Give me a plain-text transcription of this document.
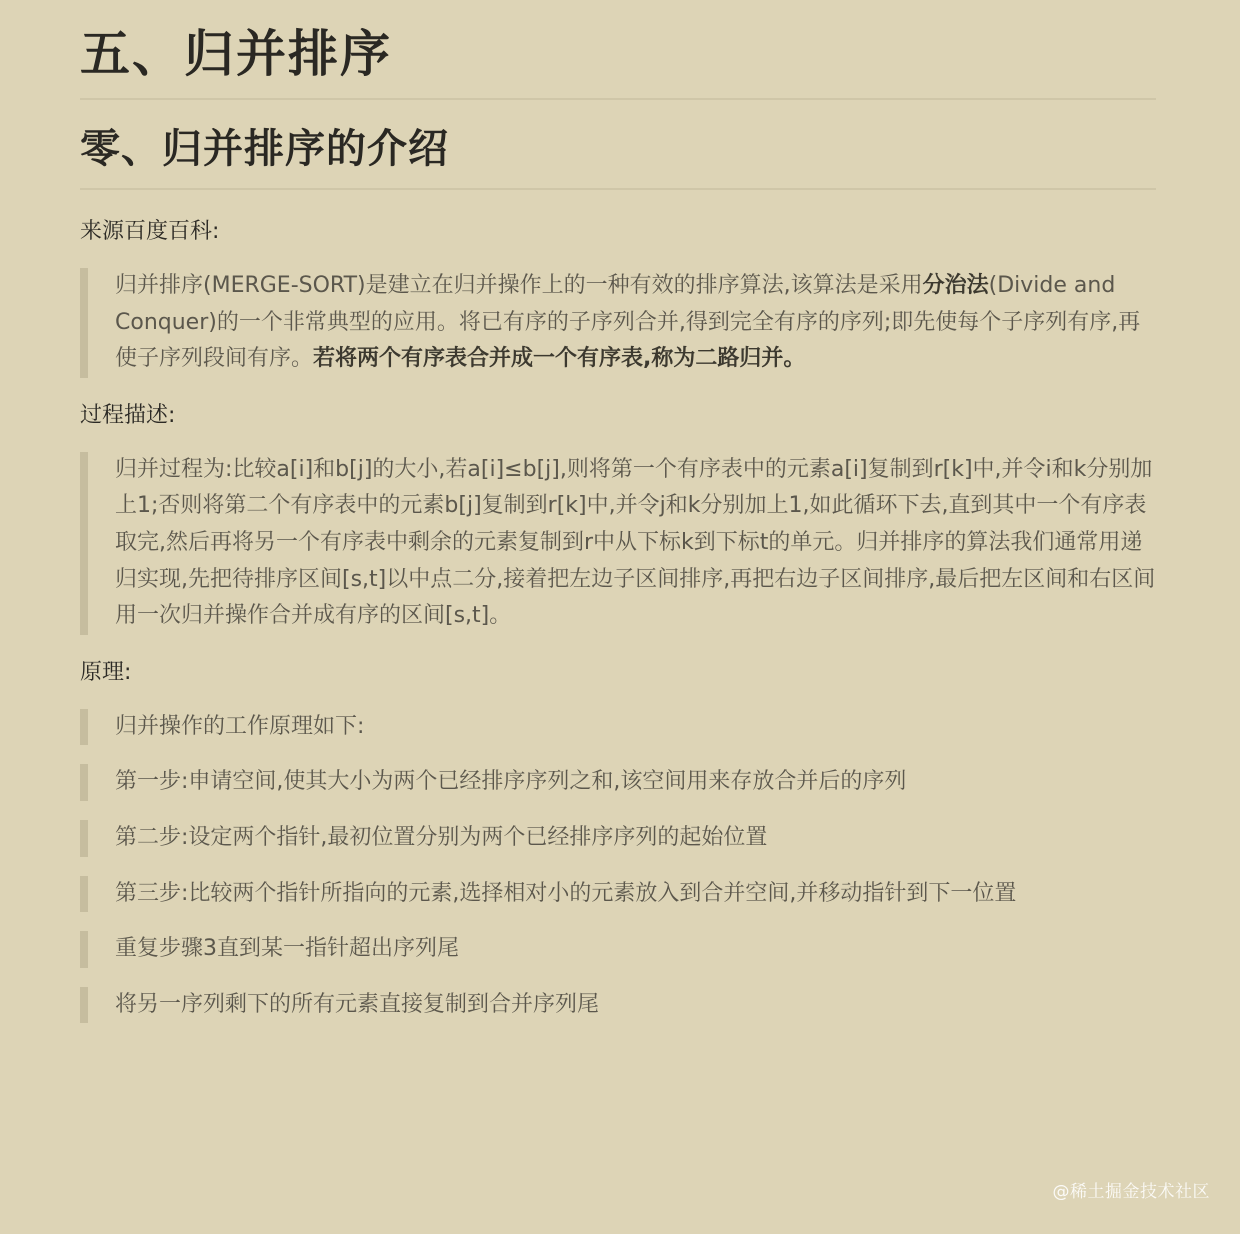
五、归并排序
零、归并排序的介绍

来源百度百科:

归并排序(MERGE-SORT)是建立在归并操作上的一种有效的排序算法,该算法是采用分治法(Divide and Conquer)的一个非常典型的应用。将已有序的子序列合并,得到完全有序的序列;即先使每个子序列有序,再使子序列段间有序。若将两个有序表合并成一个有序表,称为二路归并。

过程描述:

归并过程为:比较a[i]和b[j]的大小,若a[i]≤b[j],则将第一个有序表中的元素a[i]复制到r[k]中,并令i和k分别加上1;否则将第二个有序表中的元素b[j]复制到r[k]中,并令j和k分别加上1,如此循环下去,直到其中一个有序表取完,然后再将另一个有序表中剩余的元素复制到r中从下标k到下标t的单元。归并排序的算法我们通常用递归实现,先把待排序区间[s,t]以中点二分,接着把左边子区间排序,再把右边子区间排序,最后把左区间和右区间用一次归并操作合并成有序的区间[s,t]。

原理:

归并操作的工作原理如下:
第一步:申请空间,使其大小为两个已经排序序列之和,该空间用来存放合并后的序列
第二步:设定两个指针,最初位置分别为两个已经排序序列的起始位置
第三步:比较两个指针所指向的元素,选择相对小的元素放入到合并空间,并移动指针到下一位置
重复步骤3直到某一指针超出序列尾
将另一序列剩下的所有元素直接复制到合并序列尾
@稀土掘金技术社区
